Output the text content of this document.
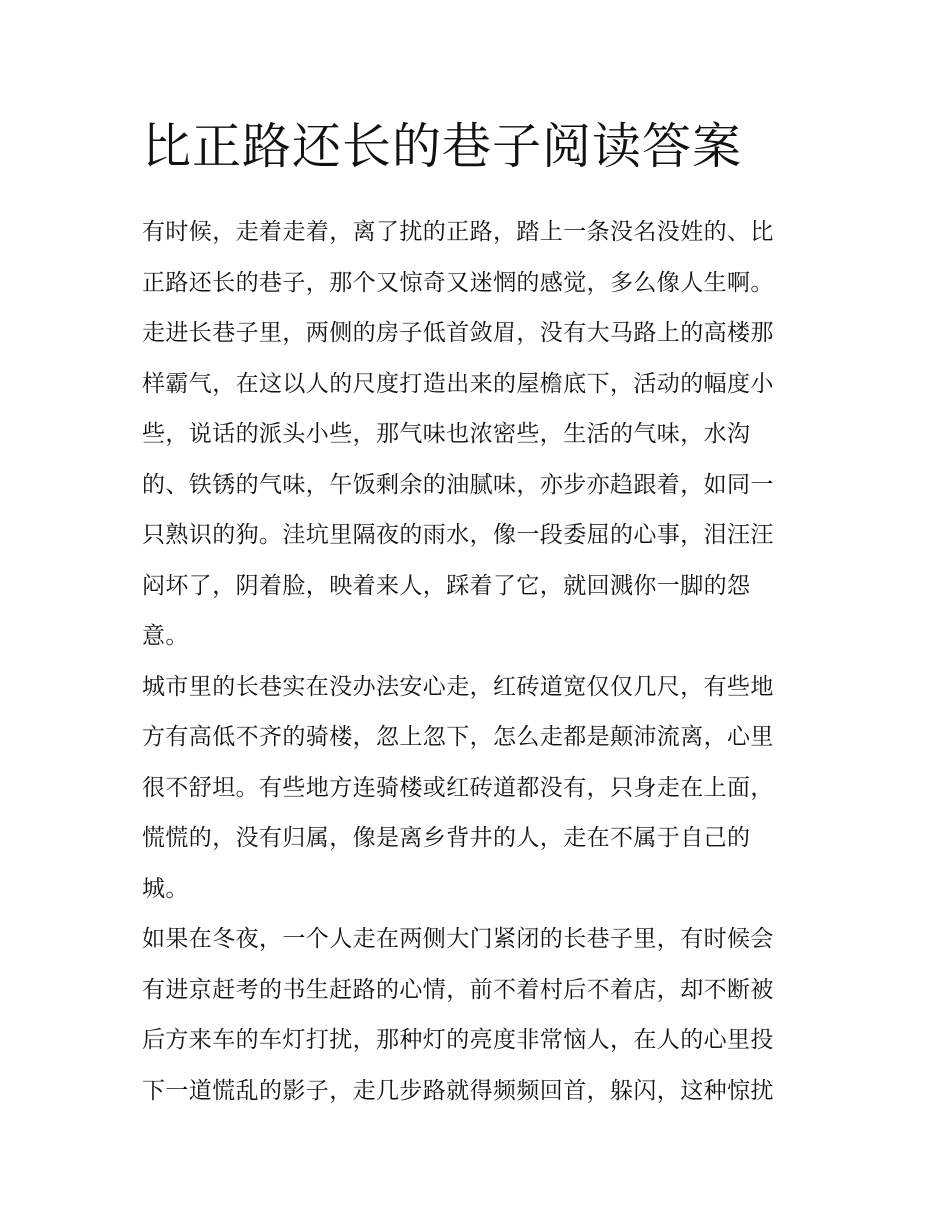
比正路还长的巷子阅读答案
有时候，走着走着，离了扰的正路，踏上一条没名没姓的、比
正路还长的巷子，那个又惊奇又迷惘的感觉，多么像人生啊。
走进长巷子里，两侧的房子低首敛眉，没有大马路上的高楼那
样霸气，在这以人的尺度打造出来的屋檐底下，活动的幅度小
些，说话的派头小些，那气味也浓密些，生活的气味，水沟
的、铁锈的气味，午饭剩余的油腻味，亦步亦趋跟着，如同一
只熟识的狗。洼坑里隔夜的雨水，像一段委屈的心事，泪汪汪
闷坏了，阴着脸，映着来人，踩着了它，就回溅你一脚的怨
意。
城市里的长巷实在没办法安心走，红砖道宽仅仅几尺，有些地
方有高低不齐的骑楼，忽上忽下，怎么走都是颠沛流离，心里
很不舒坦。有些地方连骑楼或红砖道都没有，只身走在上面，
慌慌的，没有归属，像是离乡背井的人，走在不属于自己的
城。
如果在冬夜，一个人走在两侧大门紧闭的长巷子里，有时候会
有进京赶考的书生赶路的心情，前不着村后不着店，却不断被
后方来车的车灯打扰，那种灯的亮度非常恼人，在人的心里投
下一道慌乱的影子，走几步路就得频频回首，躲闪，这种惊扰
